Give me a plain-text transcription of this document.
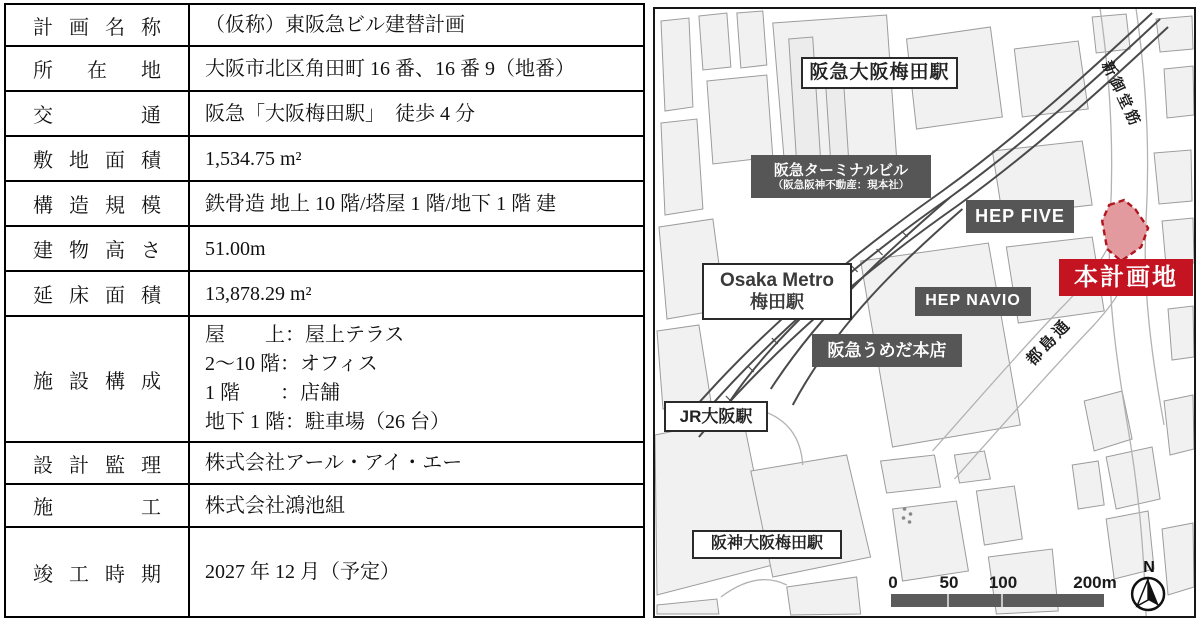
計画名称	（仮称）東阪急ビル建替計画
所在地	大阪市北区角田町 16 番、16 番 9（地番）
交通	阪急「大阪梅田駅」　徒歩 4 分
敷地面積	1,534.75 m²
構造規模	鉄骨造 地上 10 階/塔屋 1 階/地下 1 階 建
建物高さ	51.00m
延床面積	13,878.29 m²
施設構成
屋　　上：屋上テラス
2～10 階：オフィス
1 階　　：店舗
地下 1 階：駐車場（26 台）
設計監理	株式会社アール・アイ・エー
施工	株式会社鴻池組
竣工時期	2027 年 12 月（予定）
阪急大阪梅田駅
阪急ターミナルビル
（阪急阪神不動産：現本社）
HEP FIVE
Osaka Metro
梅田駅	HEP NAVIO
本計画地
阪急うめだ本店
JR大阪駅
阪神大阪梅田駅
新御堂筋
都島通
0 50 100	200m
N
